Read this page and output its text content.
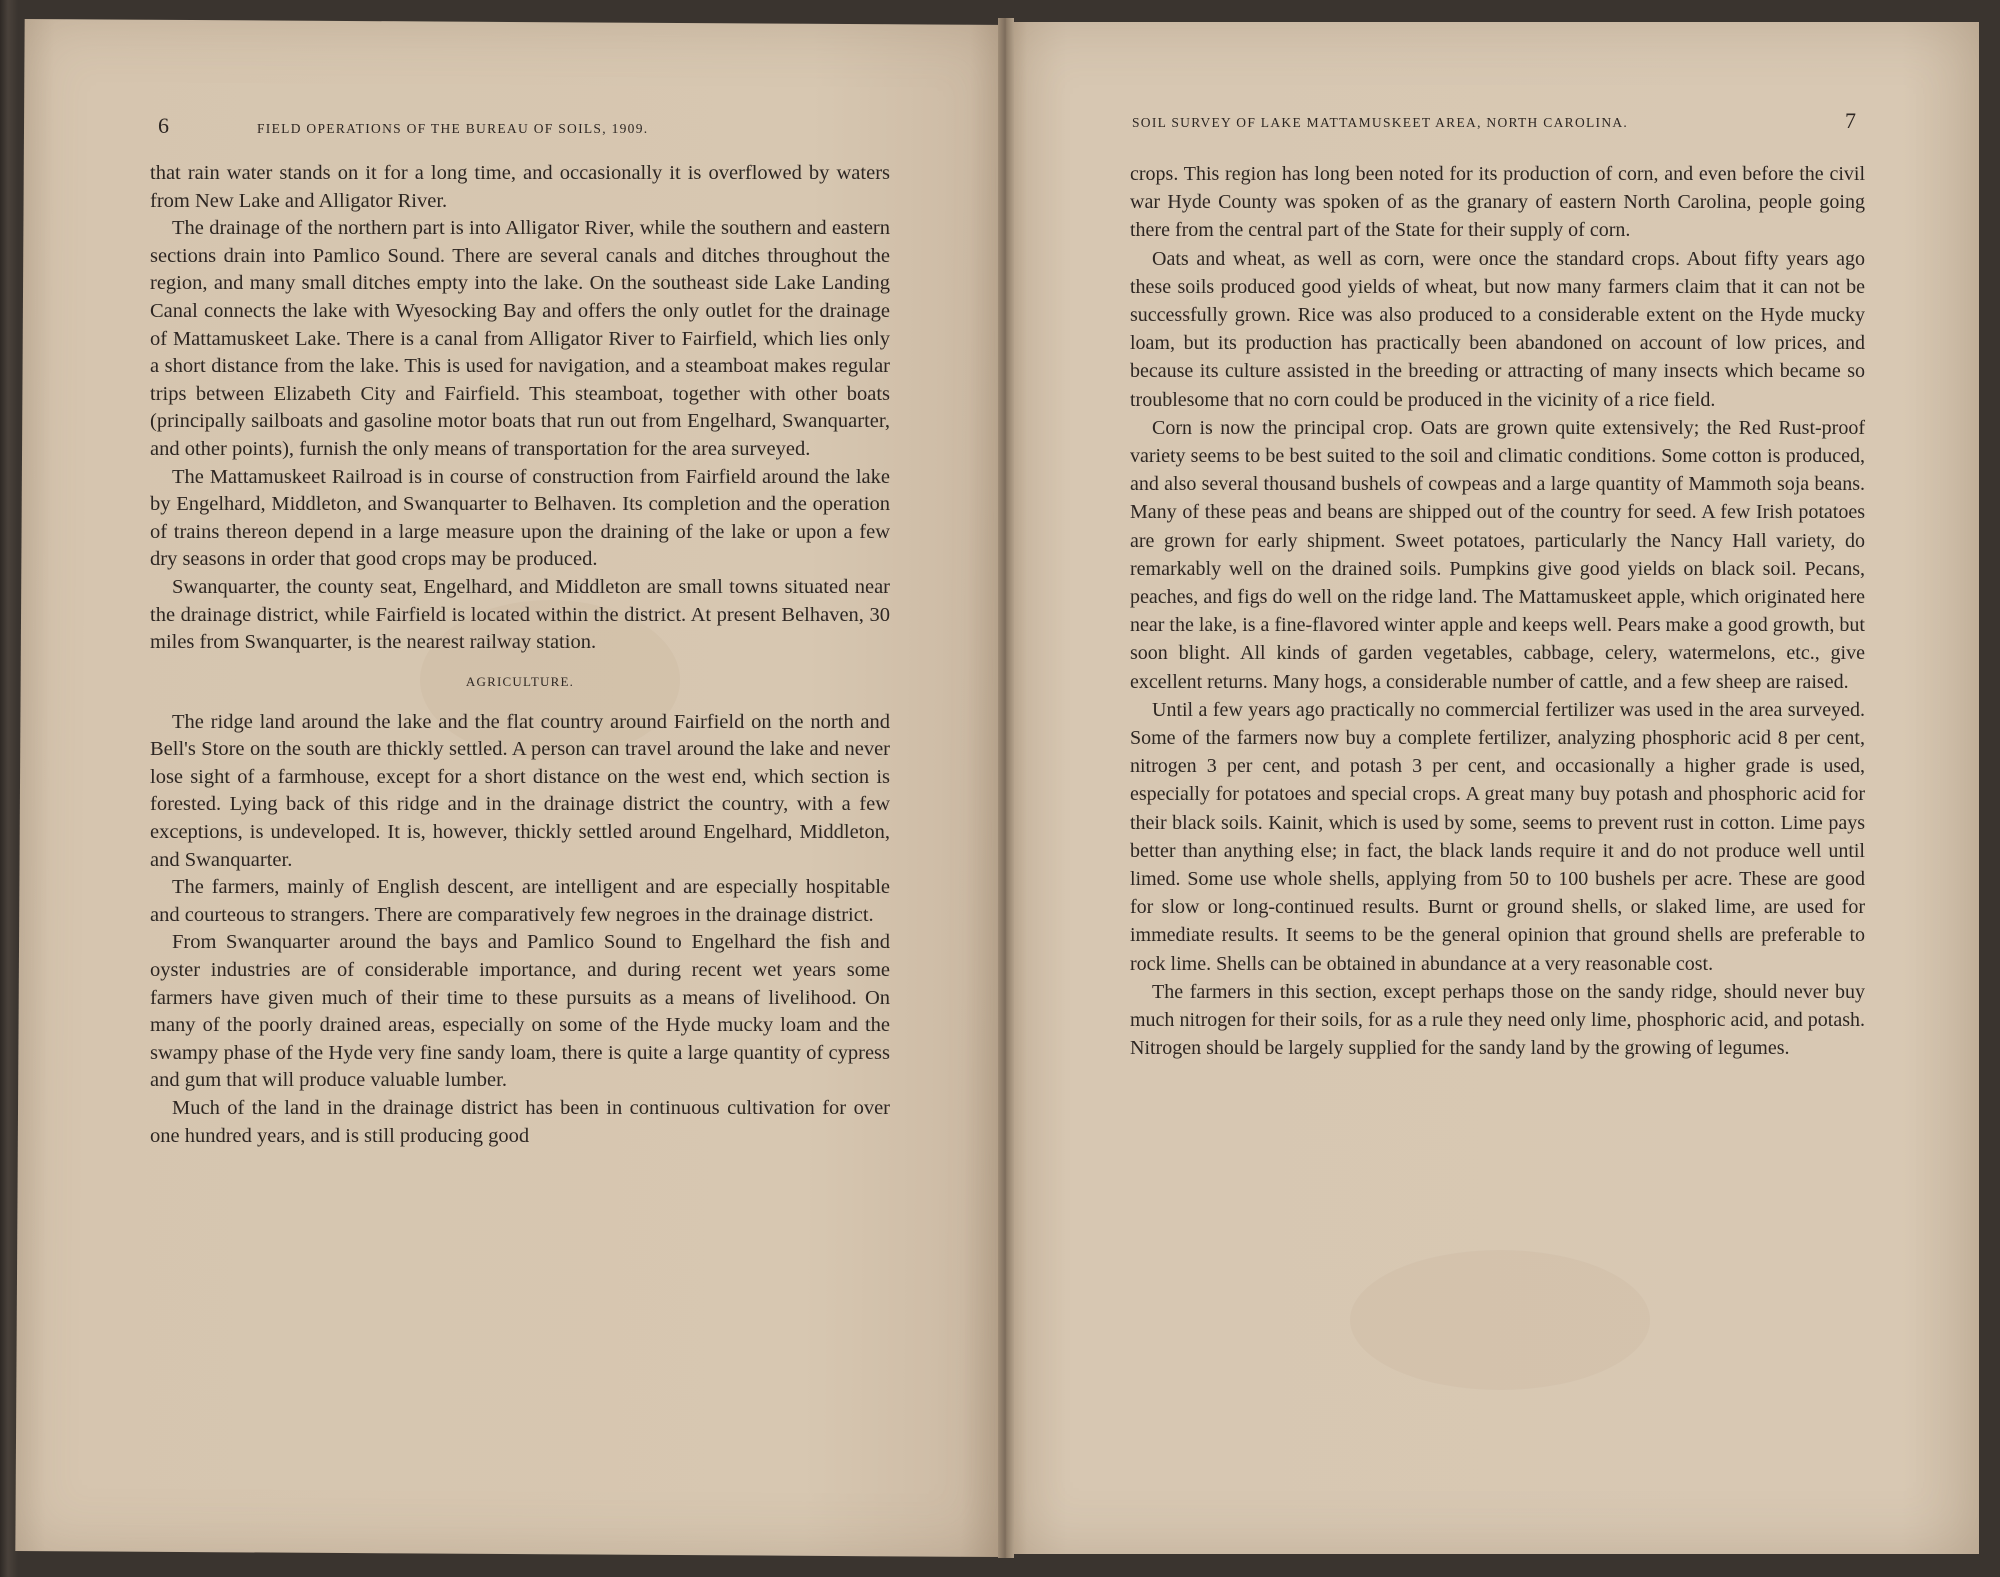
6	FIELD OPERATIONS OF THE BUREAU OF SOILS, 1909.

that rain water stands on it for a long time, and occasionally it is overflowed by waters from New Lake and Alligator River.

The drainage of the northern part is into Alligator River, while the southern and eastern sections drain into Pamlico Sound. There are several canals and ditches throughout the region, and many small ditches empty into the lake. On the southeast side Lake Landing Canal connects the lake with Wyesocking Bay and offers the only outlet for the drainage of Mattamuskeet Lake. There is a canal from Alligator River to Fairfield, which lies only a short distance from the lake. This is used for navigation, and a steamboat makes regular trips between Elizabeth City and Fairfield. This steamboat, together with other boats (principally sailboats and gasoline motor boats that run out from Engelhard, Swanquarter, and other points), furnish the only means of transportation for the area surveyed.

The Mattamuskeet Railroad is in course of construction from Fairfield around the lake by Engelhard, Middleton, and Swanquarter to Belhaven. Its completion and the operation of trains thereon depend in a large measure upon the draining of the lake or upon a few dry seasons in order that good crops may be produced.

Swanquarter, the county seat, Engelhard, and Middleton are small towns situated near the drainage district, while Fairfield is located within the district. At present Belhaven, 30 miles from Swanquarter, is the nearest railway station.

AGRICULTURE.

The ridge land around the lake and the flat country around Fairfield on the north and Bell's Store on the south are thickly settled. A person can travel around the lake and never lose sight of a farmhouse, except for a short distance on the west end, which section is forested. Lying back of this ridge and in the drainage district the country, with a few exceptions, is undeveloped. It is, however, thickly settled around Engelhard, Middleton, and Swanquarter.

The farmers, mainly of English descent, are intelligent and are especially hospitable and courteous to strangers. There are comparatively few negroes in the drainage district.

From Swanquarter around the bays and Pamlico Sound to Engelhard the fish and oyster industries are of considerable importance, and during recent wet years some farmers have given much of their time to these pursuits as a means of livelihood. On many of the poorly drained areas, especially on some of the Hyde mucky loam and the swampy phase of the Hyde very fine sandy loam, there is quite a large quantity of cypress and gum that will produce valuable lumber.

Much of the land in the drainage district has been in continuous cultivation for over one hundred years, and is still producing good

SOIL SURVEY OF LAKE MATTAMUSKEET AREA, NORTH CAROLINA.	7

crops. This region has long been noted for its production of corn, and even before the civil war Hyde County was spoken of as the granary of eastern North Carolina, people going there from the central part of the State for their supply of corn.

Oats and wheat, as well as corn, were once the standard crops. About fifty years ago these soils produced good yields of wheat, but now many farmers claim that it can not be successfully grown. Rice was also produced to a considerable extent on the Hyde mucky loam, but its production has practically been abandoned on account of low prices, and because its culture assisted in the breeding or attracting of many insects which became so troublesome that no corn could be produced in the vicinity of a rice field.

Corn is now the principal crop. Oats are grown quite extensively; the Red Rust-proof variety seems to be best suited to the soil and climatic conditions. Some cotton is produced, and also several thousand bushels of cowpeas and a large quantity of Mammoth soja beans. Many of these peas and beans are shipped out of the country for seed. A few Irish potatoes are grown for early shipment. Sweet potatoes, particularly the Nancy Hall variety, do remarkably well on the drained soils. Pumpkins give good yields on black soil. Pecans, peaches, and figs do well on the ridge land. The Mattamuskeet apple, which originated here near the lake, is a fine-flavored winter apple and keeps well. Pears make a good growth, but soon blight. All kinds of garden vegetables, cabbage, celery, watermelons, etc., give excellent returns. Many hogs, a considerable number of cattle, and a few sheep are raised.

Until a few years ago practically no commercial fertilizer was used in the area surveyed. Some of the farmers now buy a complete fertilizer, analyzing phosphoric acid 8 per cent, nitrogen 3 per cent, and potash 3 per cent, and occasionally a higher grade is used, especially for potatoes and special crops. A great many buy potash and phosphoric acid for their black soils. Kainit, which is used by some, seems to prevent rust in cotton. Lime pays better than anything else; in fact, the black lands require it and do not produce well until limed. Some use whole shells, applying from 50 to 100 bushels per acre. These are good for slow or long-continued results. Burnt or ground shells, or slaked lime, are used for immediate results. It seems to be the general opinion that ground shells are preferable to rock lime. Shells can be obtained in abundance at a very reasonable cost.

The farmers in this section, except perhaps those on the sandy ridge, should never buy much nitrogen for their soils, for as a rule they need only lime, phosphoric acid, and potash. Nitrogen should be largely supplied for the sandy land by the growing of legumes.
